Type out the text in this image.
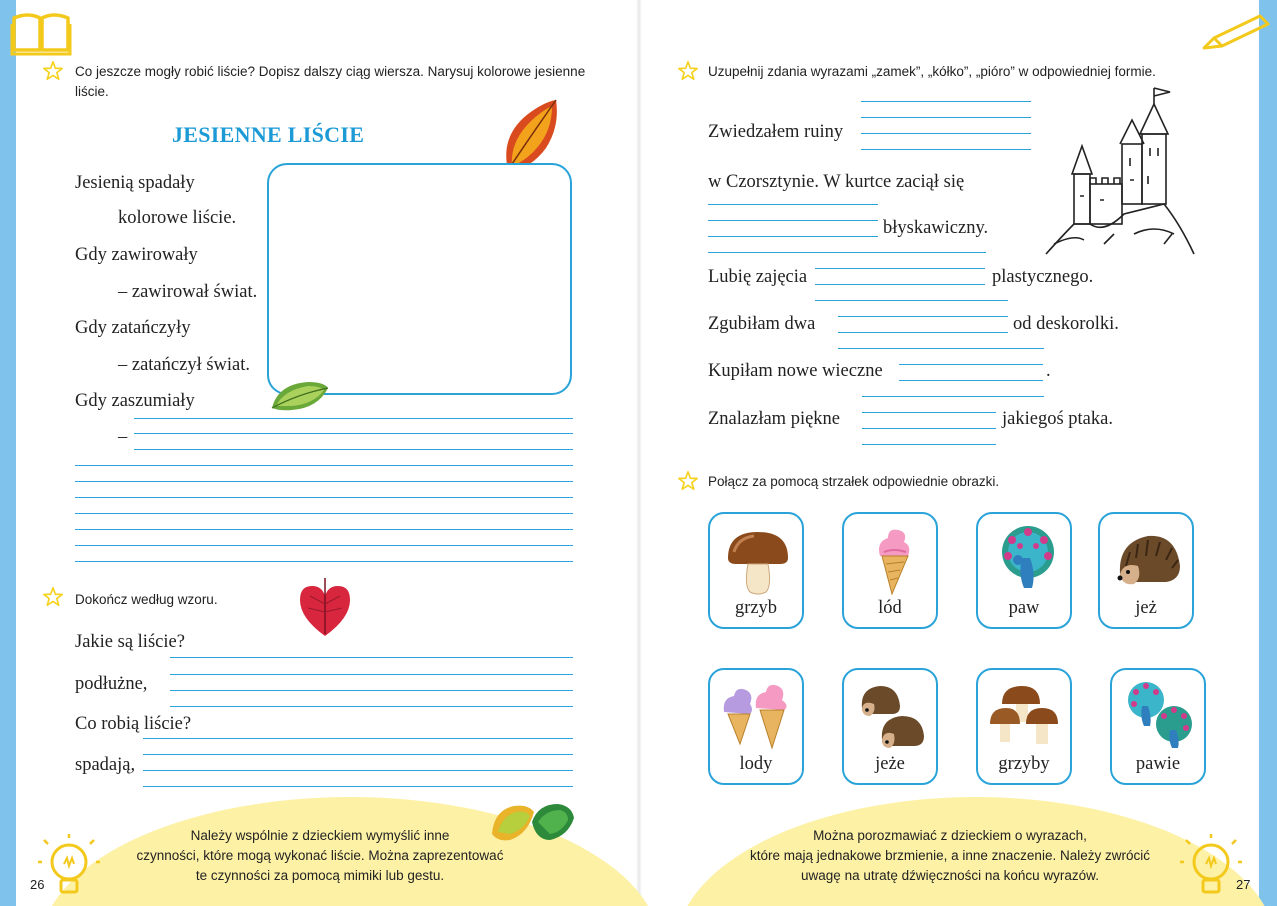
Co jeszcze mogły robić liście? Dopisz dalszy ciąg wiersza. Narysuj kolorowe jesienne
liście.
JESIENNE LIŚCIE
Jesienią spadały
kolorowe liście.
Gdy zawirowały
– zawirował świat.
Gdy zatańczyły
– zatańczył świat.
Gdy zaszumiały
–
Dokończ według wzoru.
Jakie są liście?
podłużne,
Co robią liście?
spadają,
Należy wspólnie z dzieckiem wymyślić inne
czynności, które mogą wykonać liście. Można zaprezentować
te czynności za pomocą mimiki lub gestu.
26
Uzupełnij zdania wyrazami „zamek”, „kółko”, „pióro” w odpowiedniej formie.
Zwiedzałem ruiny
w Czorsztynie. W kurtce zaciął się
błyskawiczny.
Lubię zajęcia	plastycznego.
Zgubiłam dwa	od deskorolki.
Kupiłam nowe wieczne	.
Znalazłam piękne	jakiegoś ptaka.
Połącz za pomocą strzałek odpowiednie obrazki.
grzyb	lód	paw	jeż
lody	jeże	grzyby	pawie
Można porozmawiać z dzieckiem o wyrazach,
które mają jednakowe brzmienie, a inne znaczenie. Należy zwrócić
uwagę na utratę dźwięczności na końcu wyrazów.
27
